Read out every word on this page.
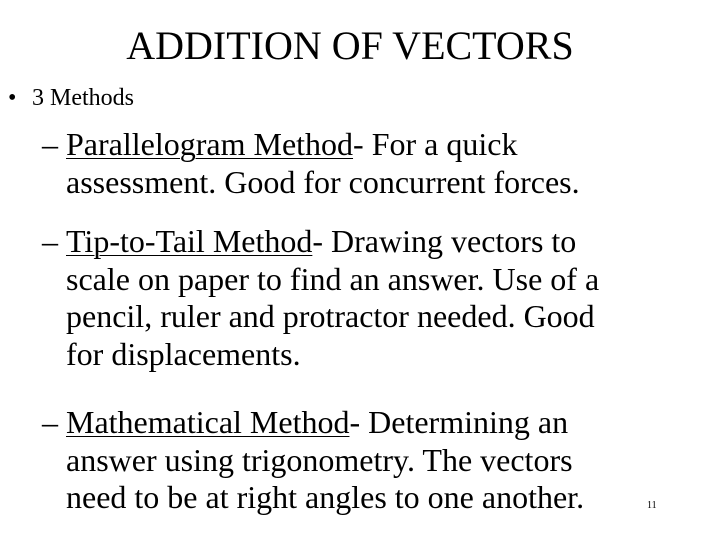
ADDITION OF VECTORS
• 3 Methods
– Parallelogram Method- For a quick
assessment. Good for concurrent forces.
– Tip-to-Tail Method- Drawing vectors to
scale on paper to find an answer. Use of a
pencil, ruler and protractor needed. Good
for displacements.
– Mathematical Method- Determining an
answer using trigonometry. The vectors
need to be at right angles to one another.	11
